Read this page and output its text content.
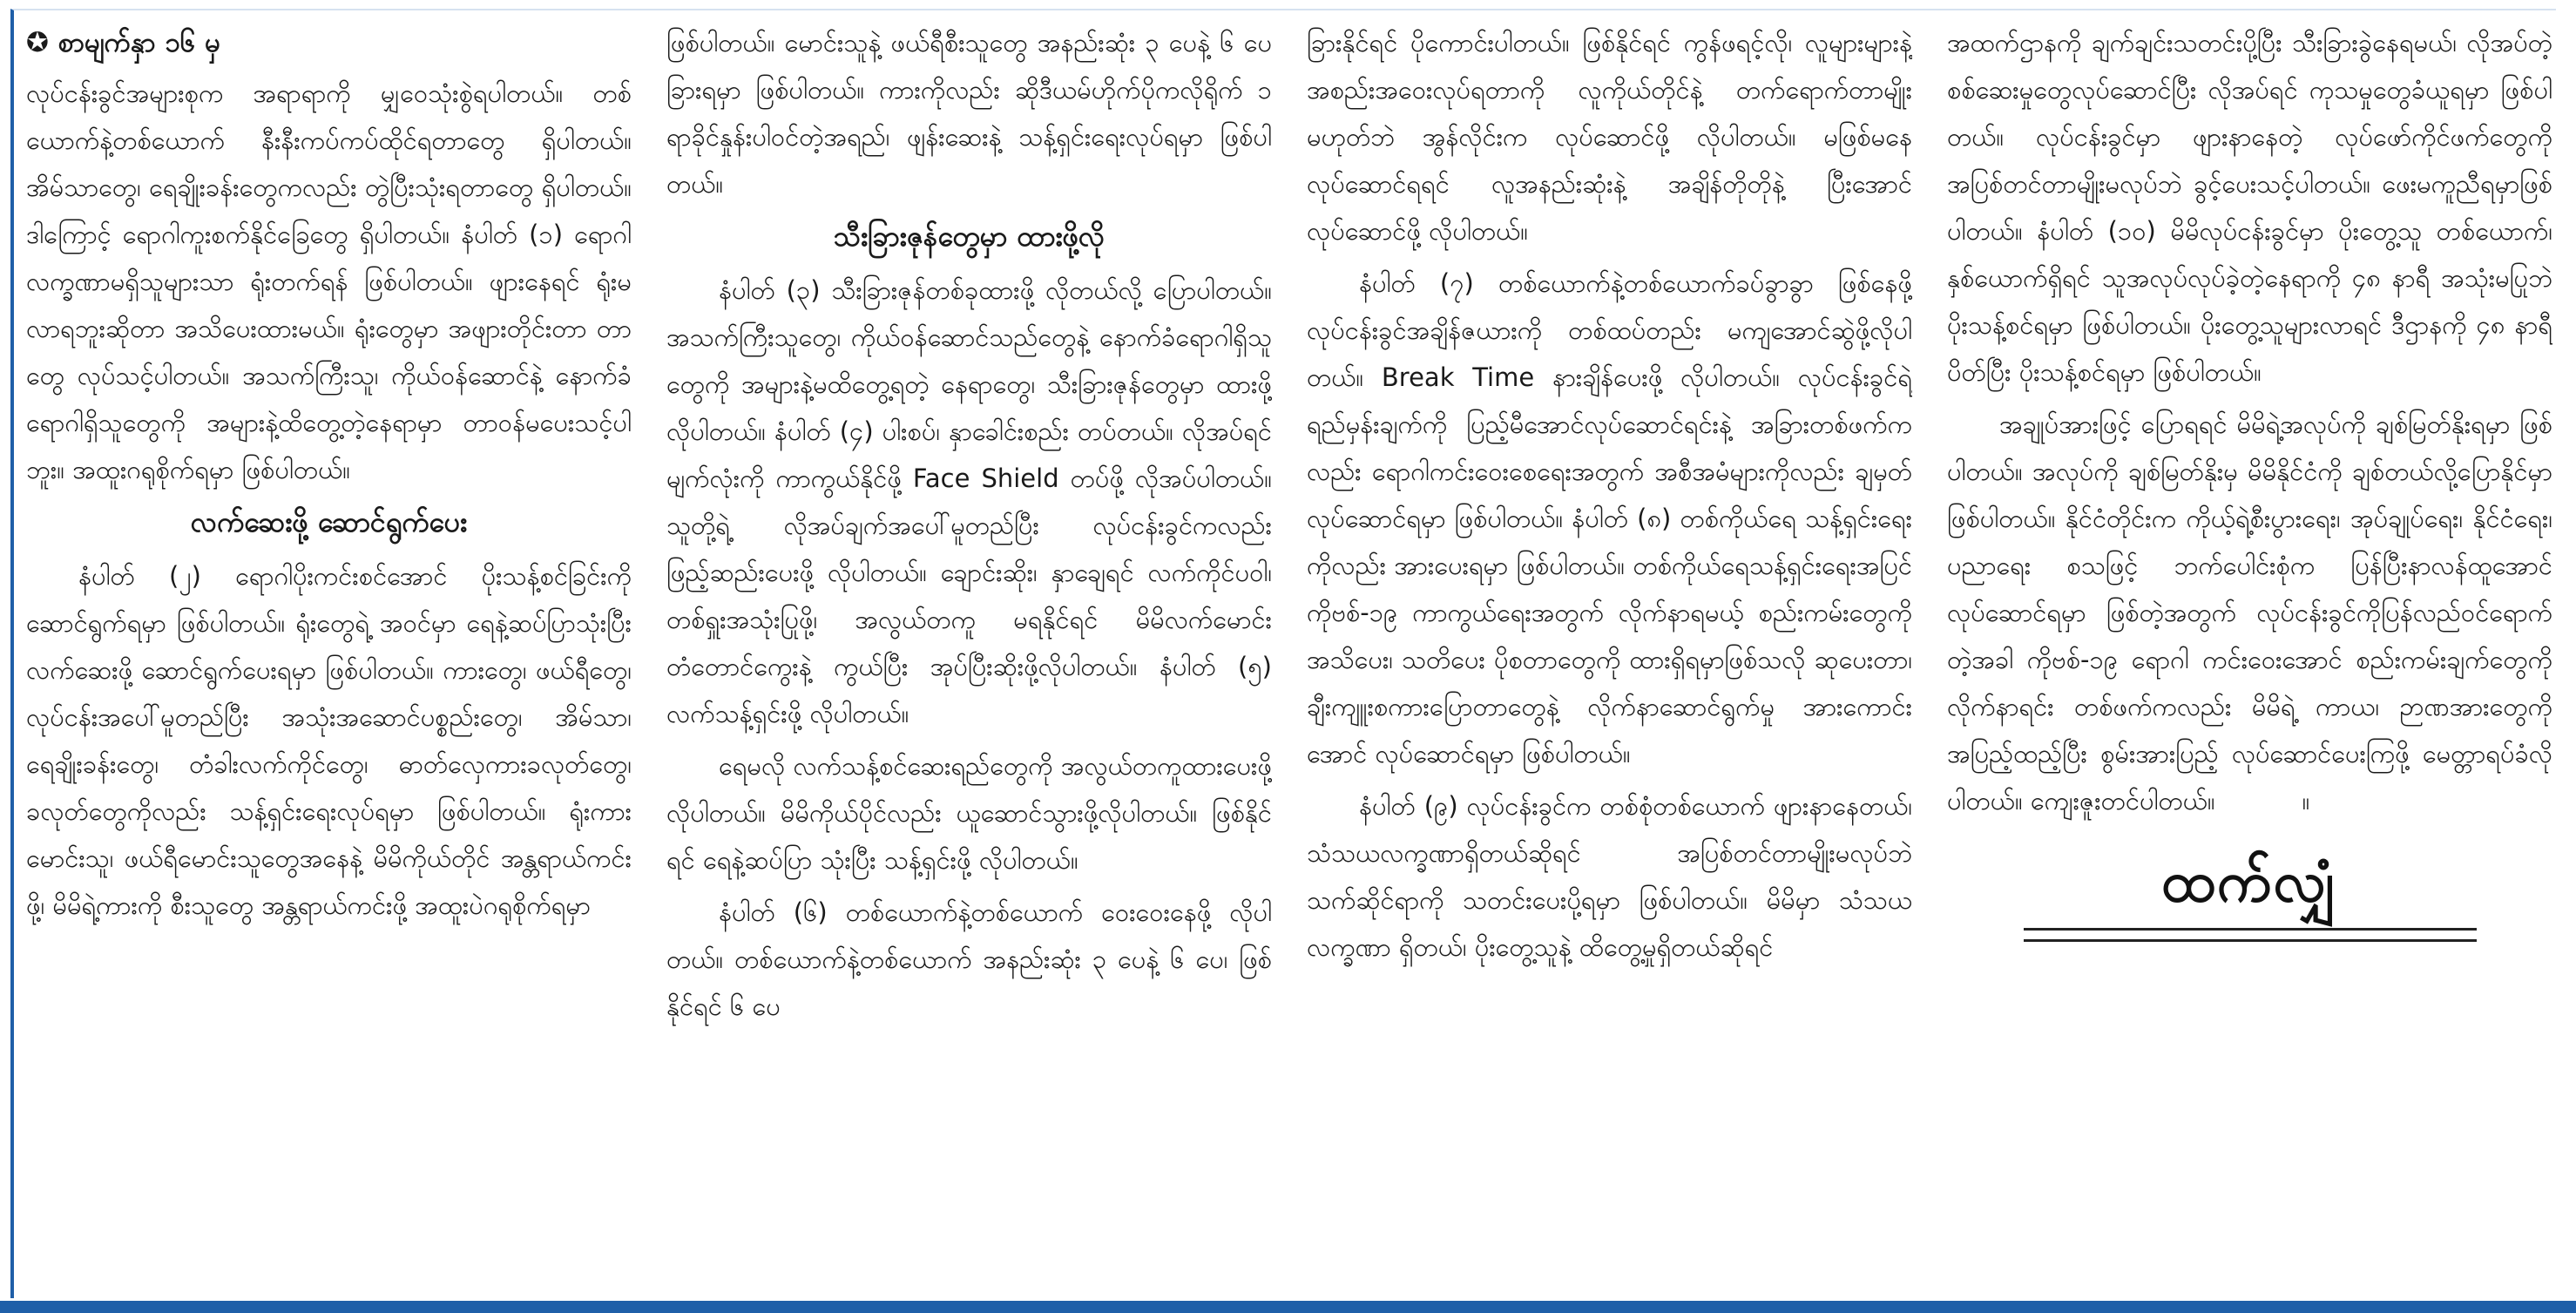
✪ စာမျက်နှာ ၁၆ မှ

လုပ်ငန်းခွင်အများစုက အရာရာကို မျှဝေသုံးစွဲရပါတယ်။ တစ်ယောက်နဲ့တစ်ယောက် နီးနီးကပ်ကပ်ထိုင်ရတာတွေ ရှိပါတယ်။ အိမ်သာတွေ၊ ရေချိုးခန်းတွေကလည်း တွဲပြီးသုံးရတာတွေ ရှိပါတယ်။ ဒါကြောင့် ရောဂါကူးစက်နိုင်ခြေတွေ ရှိပါတယ်။ နံပါတ် (၁) ရောဂါလက္ခဏာမရှိသူများသာ ရုံးတက်ရန် ဖြစ်ပါတယ်။ ဖျားနေရင် ရုံးမလာရဘူးဆိုတာ အသိပေးထားမယ်။ ရုံးတွေမှာ အဖျားတိုင်းတာ တာတွေ လုပ်သင့်ပါတယ်။ အသက်ကြီးသူ၊ ကိုယ်ဝန်ဆောင်နဲ့ နောက်ခံရောဂါရှိသူတွေကို အများနဲ့ထိတွေ့တဲ့နေရာမှာ တာဝန်မပေးသင့်ပါဘူး။ အထူးဂရုစိုက်ရမှာ ဖြစ်ပါတယ်။

လက်ဆေးဖို့ ဆောင်ရွက်ပေး

နံပါတ် (၂) ရောဂါပိုးကင်းစင်အောင် ပိုးသန့်စင်ခြင်းကို ဆောင်ရွက်ရမှာ ဖြစ်ပါတယ်။ ရုံးတွေရဲ့ အဝင်မှာ ရေနဲ့ဆပ်ပြာသုံးပြီး လက်ဆေးဖို့ ဆောင်ရွက်ပေးရမှာ ဖြစ်ပါတယ်။ ကားတွေ၊ ဖယ်ရီတွေ၊ လုပ်ငန်းအပေါ်မူတည်ပြီး အသုံးအဆောင်ပစ္စည်းတွေ၊ အိမ်သာ၊ ရေချိုးခန်းတွေ၊ တံခါးလက်ကိုင်တွေ၊ ဓာတ်လှေကားခလုတ်တွေ၊ ခလုတ်တွေကိုလည်း သန့်ရှင်းရေးလုပ်ရမှာ ဖြစ်ပါတယ်။ ရုံးကားမောင်းသူ၊ ဖယ်ရီမောင်းသူတွေအနေနဲ့ မိမိကိုယ်တိုင် အန္တရာယ်ကင်းဖို့၊ မိမိရဲ့ကားကို စီးသူတွေ အန္တရာယ်ကင်းဖို့ အထူးပဲဂရုစိုက်ရမှာ

ဖြစ်ပါတယ်။ မောင်းသူနဲ့ ဖယ်ရီစီးသူတွေ အနည်းဆုံး ၃ ပေနဲ့ ၆ ပေခြားရမှာ ဖြစ်ပါတယ်။ ကားကိုလည်း ဆိုဒီယမ်ဟိုက်ပိုကလိုရိုက် ၁ ရာခိုင်နှုန်းပါဝင်တဲ့အရည်၊ ဖျန်းဆေးနဲ့ သန့်ရှင်းရေးလုပ်ရမှာ ဖြစ်ပါတယ်။

သီးခြားဇုန်တွေမှာ ထားဖို့လို

နံပါတ် (၃) သီးခြားဇုန်တစ်ခုထားဖို့ လိုတယ်လို့ ပြောပါတယ်။ အသက်ကြီးသူတွေ၊ ကိုယ်ဝန်ဆောင်သည်တွေနဲ့ နောက်ခံရောဂါရှိသူတွေကို အများနဲ့မထိတွေ့ရတဲ့ နေရာတွေ၊ သီးခြားဇုန်တွေမှာ ထားဖို့လိုပါတယ်။ နံပါတ် (၄) ပါးစပ်၊ နှာခေါင်းစည်း တပ်တယ်။ လိုအပ်ရင် မျက်လုံးကို ကာကွယ်နိုင်ဖို့ Face Shield တပ်ဖို့ လိုအပ်ပါတယ်။ သူတို့ရဲ့ လိုအပ်ချက်အပေါ်မူတည်ပြီး လုပ်ငန်းခွင်ကလည်း ဖြည့်ဆည်းပေးဖို့ လိုပါတယ်။ ချောင်းဆိုး၊ နှာချေရင် လက်ကိုင်ပဝါ၊ တစ်ရှူးအသုံးပြုဖို့၊ အလွယ်တကူ မရနိုင်ရင် မိမိလက်မောင်း တံတောင်ကွေးနဲ့ ကွယ်ပြီး အုပ်ပြီးဆိုးဖို့လိုပါတယ်။ နံပါတ် (၅) လက်သန့်ရှင်းဖို့ လိုပါတယ်။

ရေမလို လက်သန့်စင်ဆေးရည်တွေကို အလွယ်တကူထားပေးဖို့ လိုပါတယ်။ မိမိကိုယ်ပိုင်လည်း ယူဆောင်သွားဖို့လိုပါတယ်။ ဖြစ်နိုင်ရင် ရေနဲ့ဆပ်ပြာ သုံးပြီး သန့်ရှင်းဖို့ လိုပါတယ်။

နံပါတ် (၆) တစ်ယောက်နဲ့တစ်ယောက် ဝေးဝေးနေဖို့ လိုပါတယ်။ တစ်ယောက်နဲ့တစ်ယောက် အနည်းဆုံး ၃ ပေနဲ့ ၆ ပေ၊ ဖြစ်နိုင်ရင် ၆ ပေ

ခြားနိုင်ရင် ပိုကောင်းပါတယ်။ ဖြစ်နိုင်ရင် ကွန်ဖရင့်လို၊ လူများများနဲ့ အစည်းအဝေးလုပ်ရတာကို လူကိုယ်တိုင်နဲ့ တက်ရောက်တာမျိုး မဟုတ်ဘဲ အွန်လိုင်းက လုပ်ဆောင်ဖို့ လိုပါတယ်။ မဖြစ်မနေ လုပ်ဆောင်ရရင် လူအနည်းဆုံးနဲ့ အချိန်တိုတိုနဲ့ ပြီးအောင် လုပ်ဆောင်ဖို့ လိုပါတယ်။

နံပါတ် (၇) တစ်ယောက်နဲ့တစ်ယောက်ခပ်ခွာခွာ ဖြစ်နေဖို့ လုပ်ငန်းခွင်အချိန်ဇယားကို တစ်ထပ်တည်း မကျအောင်ဆွဲဖို့လိုပါတယ်။ Break Time နားချိန်ပေးဖို့ လိုပါတယ်။ လုပ်ငန်းခွင်ရဲ့ ရည်မှန်းချက်ကို ပြည့်မီအောင်လုပ်ဆောင်ရင်းနဲ့ အခြားတစ်ဖက်ကလည်း ရောဂါကင်းဝေးစေရေးအတွက် အစီအမံများကိုလည်း ချမှတ်လုပ်ဆောင်ရမှာ ဖြစ်ပါတယ်။ နံပါတ် (၈) တစ်ကိုယ်ရေ သန့်ရှင်းရေးကိုလည်း အားပေးရမှာ ဖြစ်ပါတယ်။ တစ်ကိုယ်ရေသန့်ရှင်းရေးအပြင် ကိုဗစ်-၁၉ ကာကွယ်ရေးအတွက် လိုက်နာရမယ့် စည်းကမ်းတွေကို အသိပေး၊ သတိပေး ပိုစတာတွေကို ထားရှိရမှာဖြစ်သလို ဆုပေးတာ၊ ချီးကျူးစကားပြောတာတွေနဲ့ လိုက်နာဆောင်ရွက်မှု အားကောင်းအောင် လုပ်ဆောင်ရမှာ ဖြစ်ပါတယ်။

နံပါတ် (၉) လုပ်ငန်းခွင်က တစ်စုံတစ်ယောက် ဖျားနာနေတယ်၊ သံသယလက္ခဏာရှိတယ်ဆိုရင် အပြစ်တင်တာမျိုးမလုပ်ဘဲ သက်ဆိုင်ရာကို သတင်းပေးပို့ရမှာ ဖြစ်ပါတယ်။ မိမိမှာ သံသယလက္ခဏာ ရှိတယ်၊ ပိုးတွေ့သူနဲ့ ထိတွေ့မှုရှိတယ်ဆိုရင်

အထက်ဌာနကို ချက်ချင်းသတင်းပို့ပြီး သီးခြားခွဲနေရမယ်၊ လိုအပ်တဲ့ စစ်ဆေးမှုတွေလုပ်ဆောင်ပြီး လိုအပ်ရင် ကုသမှုတွေခံယူရမှာ ဖြစ်ပါတယ်။ လုပ်ငန်းခွင်မှာ ဖျားနာနေတဲ့ လုပ်ဖော်ကိုင်ဖက်တွေကို အပြစ်တင်တာမျိုးမလုပ်ဘဲ ခွင့်ပေးသင့်ပါတယ်။ ဖေးမကူညီရမှာဖြစ်ပါတယ်။ နံပါတ် (၁၀) မိမိလုပ်ငန်းခွင်မှာ ပိုးတွေ့သူ တစ်ယောက်၊ နှစ်ယောက်ရှိရင် သူအလုပ်လုပ်ခဲ့တဲ့နေရာကို ၄၈ နာရီ အသုံးမပြုဘဲ ပိုးသန့်စင်ရမှာ ဖြစ်ပါတယ်။ ပိုးတွေ့သူများလာရင် ဒီဌာနကို ၄၈ နာရီပိတ်ပြီး ပိုးသန့်စင်ရမှာ ဖြစ်ပါတယ်။

အချုပ်အားဖြင့် ပြောရရင် မိမိရဲ့အလုပ်ကို ချစ်မြတ်နိုးရမှာ ဖြစ်ပါတယ်။ အလုပ်ကို ချစ်မြတ်နိုးမှ မိမိနိုင်ငံကို ချစ်တယ်လို့ပြောနိုင်မှာ ဖြစ်ပါတယ်။ နိုင်ငံတိုင်းက ကိုယ့်ရဲ့စီးပွားရေး၊ အုပ်ချုပ်ရေး၊ နိုင်ငံရေး၊ ပညာရေး စသဖြင့် ဘက်ပေါင်းစုံက ပြန်ပြီးနာလန်ထူအောင် လုပ်ဆောင်ရမှာ ဖြစ်တဲ့အတွက် လုပ်ငန်းခွင်ကိုပြန်လည်ဝင်ရောက်တဲ့အခါ ကိုဗစ်-၁၉ ရောဂါ ကင်းဝေးအောင် စည်းကမ်းချက်တွေကို လိုက်နာရင်း တစ်ဖက်ကလည်း မိမိရဲ့ ကာယ၊ ဉာဏအားတွေကို အပြည့်ထည့်ပြီး စွမ်းအားပြည့် လုပ်ဆောင်ပေးကြဖို့ မေတ္တာရပ်ခံလိုပါတယ်။ ကျေးဇူးတင်ပါတယ်။	။

ထက်လျှံ
